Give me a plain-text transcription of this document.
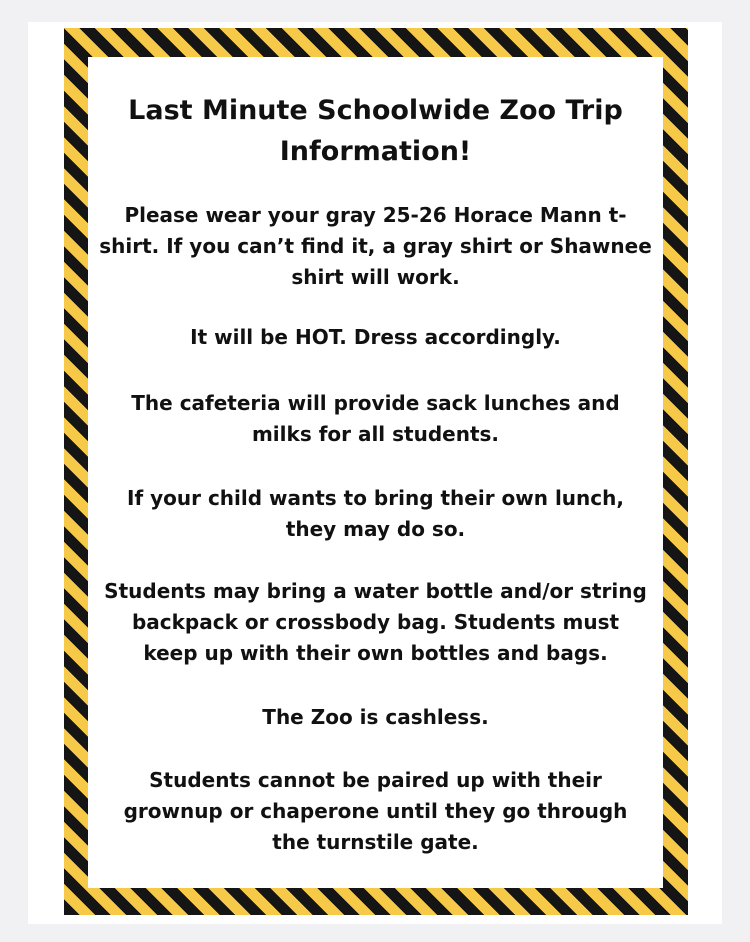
Last Minute Schoolwide Zoo Trip
Information!

Please wear your gray 25-26 Horace Mann t-
shirt. If you can’t find it, a gray shirt or Shawnee
shirt will work.

It will be HOT. Dress accordingly.

The cafeteria will provide sack lunches and
milks for all students.

If your child wants to bring their own lunch,
they may do so.

Students may bring a water bottle and/or string
backpack or crossbody bag. Students must
keep up with their own bottles and bags.

The Zoo is cashless.

Students cannot be paired up with their
grownup or chaperone until they go through
the turnstile gate.
